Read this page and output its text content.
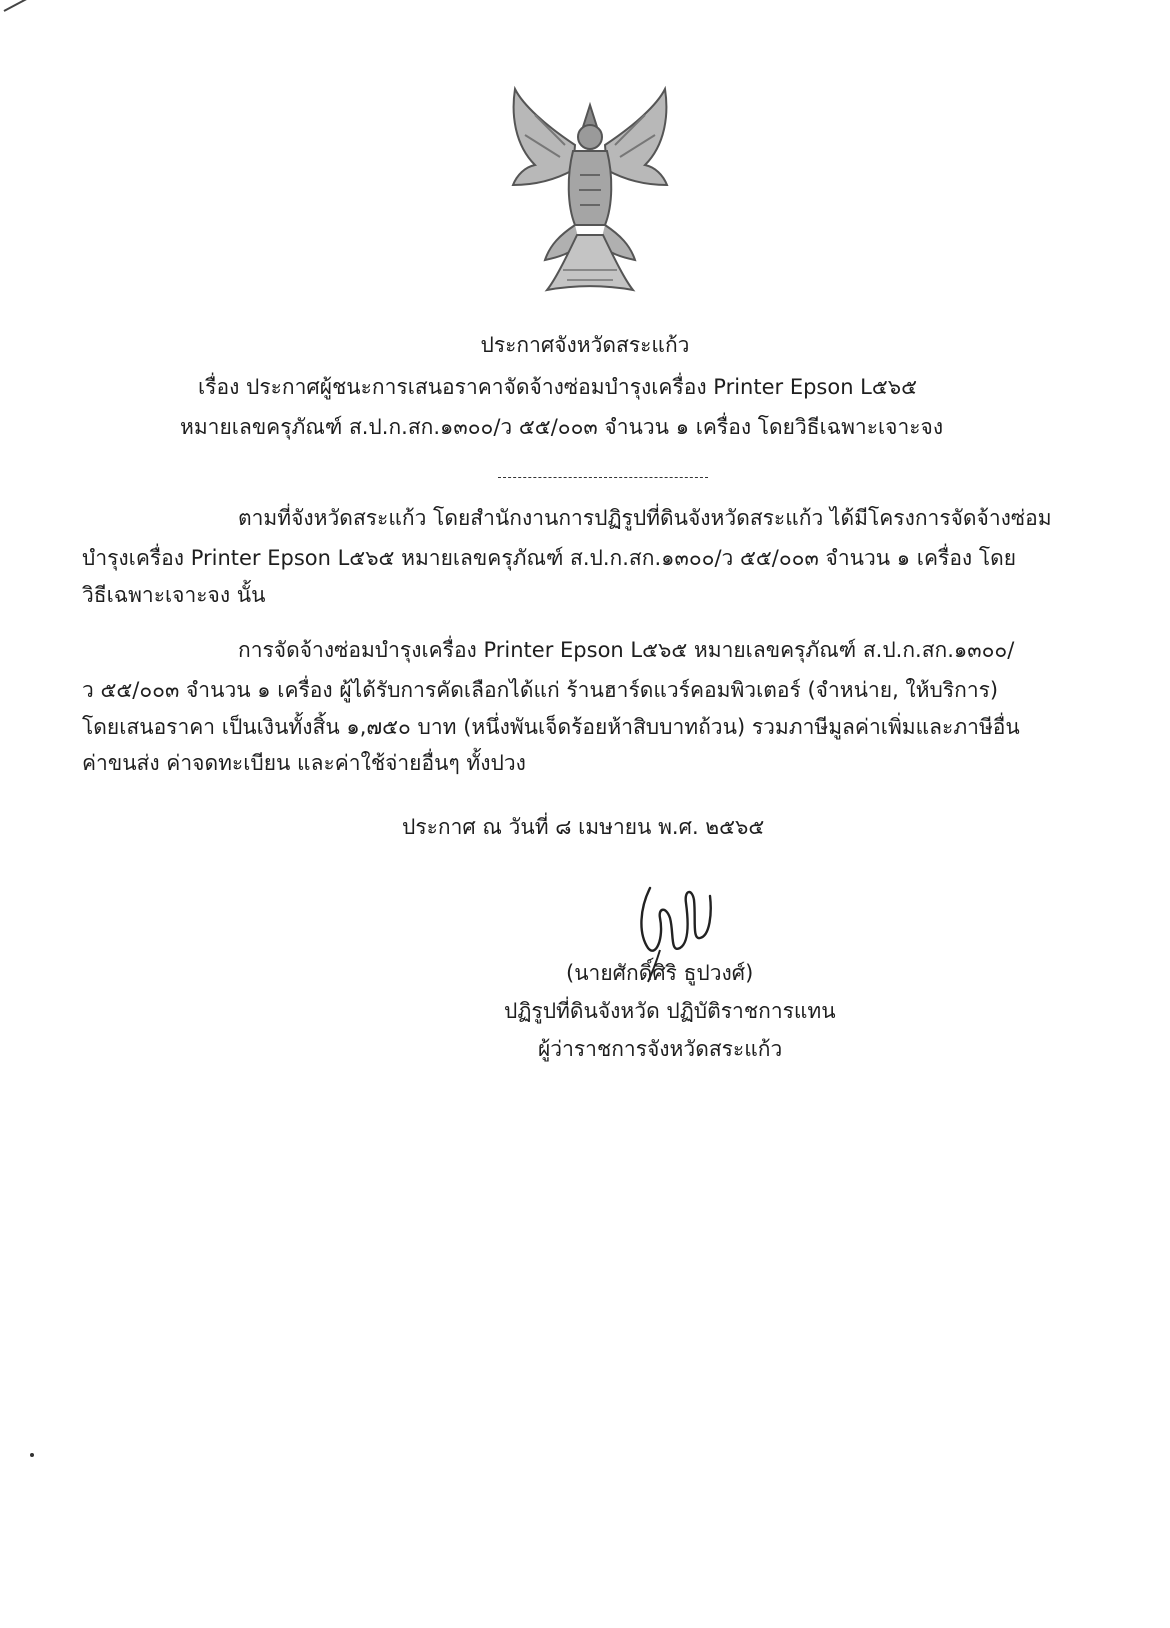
ประกาศจังหวัดสระแก้ว
เรื่อง ประกาศผู้ชนะการเสนอราคาจัดจ้างซ่อมบำรุงเครื่อง Printer Epson L๕๖๕
หมายเลขครุภัณฑ์ ส.ป.ก.สก.๑๓๐๐/ว ๕๕/๐๐๓ จำนวน ๑ เครื่อง โดยวิธีเฉพาะเจาะจง
ตามที่จังหวัดสระแก้ว โดยสำนักงานการปฏิรูปที่ดินจังหวัดสระแก้ว ได้มีโครงการจัดจ้างซ่อม
บำรุงเครื่อง Printer Epson L๕๖๕ หมายเลขครุภัณฑ์ ส.ป.ก.สก.๑๓๐๐/ว ๕๕/๐๐๓ จำนวน ๑ เครื่อง โดย
วิธีเฉพาะเจาะจง นั้น
การจัดจ้างซ่อมบำรุงเครื่อง Printer Epson L๕๖๕ หมายเลขครุภัณฑ์ ส.ป.ก.สก.๑๓๐๐/
ว ๕๕/๐๐๓ จำนวน ๑ เครื่อง ผู้ได้รับการคัดเลือกได้แก่ ร้านฮาร์ดแวร์คอมพิวเตอร์ (จำหน่าย, ให้บริการ)
โดยเสนอราคา เป็นเงินทั้งสิ้น ๑,๗๕๐ บาท (หนึ่งพันเจ็ดร้อยห้าสิบบาทถ้วน) รวมภาษีมูลค่าเพิ่มและภาษีอื่น
ค่าขนส่ง ค่าจดทะเบียน และค่าใช้จ่ายอื่นๆ ทั้งปวง
ประกาศ ณ วันที่ ๘ เมษายน พ.ศ. ๒๕๖๕
(นายศักดิ์ศิริ ธูปวงศ์)
ปฏิรูปที่ดินจังหวัด ปฏิบัติราชการแทน
ผู้ว่าราชการจังหวัดสระแก้ว
